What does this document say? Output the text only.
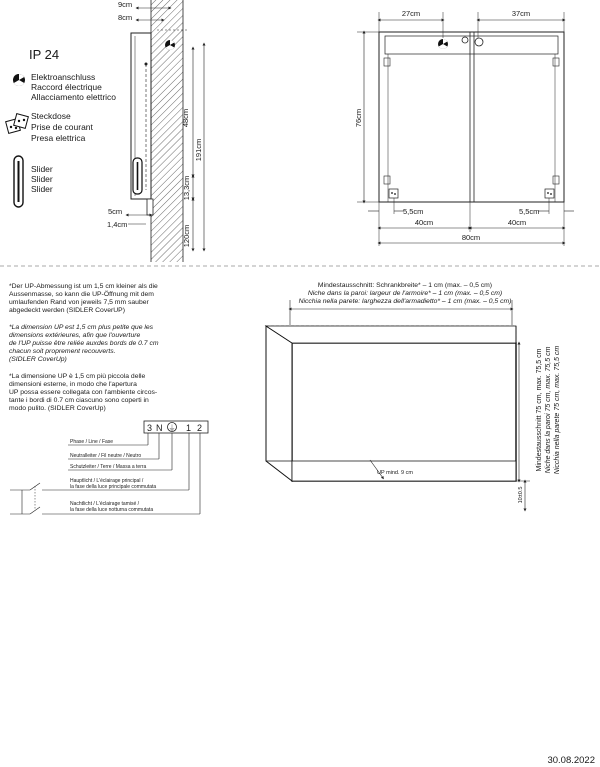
IP 24
Elektroanschluss
Raccord électrique
Allacciamento elettrico
Steckdose
Prise de courant
Presa elettrica
Slider
Slider
Slider
9cm
8cm
48cm
191cm
13,3cm
120cm
5cm
1,4cm
27cm	37cm
76cm
5,5cm	5,5cm
40cm	40cm
80cm
*Der UP-Abmessung ist um 1,5 cm kleiner als die
Aussenmasse, so kann die UP-Öffnung mit dem
umlaufenden Rand von jeweils 7,5 mm sauber
abgedeckt werden (SIDLER CoverUP)
*La dimension UP est 1,5 cm plus petite que les
dimensions extérieures, afin que l'ouverture
de l'UP puisse être reliée auxdes bords de 0.7 cm
chacun soit proprement recouverts.
(SIDLER CoverUp)
*La dimensione UP è 1,5 cm più piccola delle
dimensioni esterne, in modo che l'apertura
UP possa essere collegata con l'ambiente circos-
tante i bordi di 0.7 cm ciascuno sono coperti in
modo pulito. (SIDLER CoverUp)
3 N ⏚ 1 2
Phase / Line / Fase
Neutralleiter / Fil neutre / Neutro
Schutzleiter / Terre / Massa a terra
Hauptlicht / L'éclairage principal /
la fase della luce principale commutata
Nachtlicht / L'éclairage tamisé /
la fase della luce notturna commutata
Mindestausschnitt: Schrankbreite* – 1 cm (max. – 0,5 cm)
Niche dans la paroi: largeur de l'armoire* – 1 cm (max. – 0,5 cm)
Nicchia nella parete: larghezza dell'armadietto* – 1 cm (max. – 0,5 cm)
UP mind. 9 cm
Mindestausschnitt 75 cm, max. 75,5 cm Niche dans la paroi 75 cm, max. 75,5 cm Nicchia nella parete 75 cm, max. 75,5 cm
10±0.5
30.08.2022
